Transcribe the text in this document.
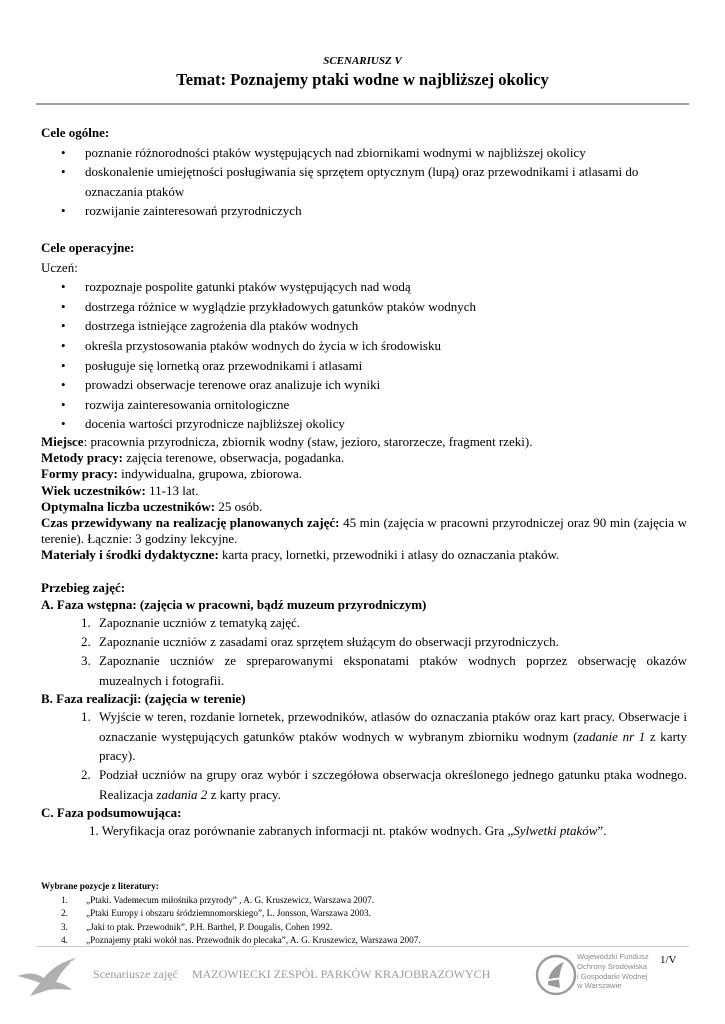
SCENARIUSZ V
Temat: Poznajemy ptaki wodne w najbliższej okolicy
Cele ogólne:
• poznanie różnorodności ptaków występujących nad zbiornikami wodnymi w najbliższej okolicy
• doskonalenie umiejętności posługiwania się sprzętem optycznym (lupą) oraz przewodnikami i atlasami do oznaczania ptaków
• rozwijanie zainteresowań przyrodniczych
Cele operacyjne:
Uczeń:
• rozpoznaje pospolite gatunki ptaków występujących nad wodą
• dostrzega różnice w wyglądzie przykładowych gatunków ptaków wodnych
• dostrzega istniejące zagrożenia dla ptaków wodnych
• określa przystosowania ptaków wodnych do życia w ich środowisku
• posługuje się lornetką oraz przewodnikami i atlasami
• prowadzi obserwacje terenowe oraz analizuje ich wyniki
• rozwija zainteresowania ornitologiczne
• docenia wartości przyrodnicze najbliższej okolicy

Miejsce: pracownia przyrodnicza, zbiornik wodny (staw, jezioro, starorzecze, fragment rzeki).

Metody pracy: zajęcia terenowe, obserwacja, pogadanka.

Formy pracy: indywidualna, grupowa, zbiorowa.

Wiek uczestników: 11-13 lat.

Optymalna liczba uczestników: 25 osób.

Czas przewidywany na realizację planowanych zajęć: 45 min (zajęcia w pracowni przyrodniczej oraz 90 min (zajęcia w terenie). Łącznie: 3 godziny lekcyjne.

Materiały i środki dydaktyczne: karta pracy, lornetki, przewodniki i atlasy do oznaczania ptaków.

Przebieg zajęć:
A. Faza wstępna: (zajęcia w pracowni, bądź muzeum przyrodniczym)
1. Zapoznanie uczniów z tematyką zajęć.
2. Zapoznanie uczniów z zasadami oraz sprzętem służącym do obserwacji przyrodniczych.
3. Zapoznanie uczniów ze spreparowanymi eksponatami ptaków wodnych poprzez obserwację okazów muzealnych i fotografii.
B. Faza realizacji: (zajęcia w terenie)
1. Wyjście w teren, rozdanie lornetek, przewodników, atlasów do oznaczania ptaków oraz kart pracy. Obserwacje i oznaczanie występujących gatunków ptaków wodnych w wybranym zbiorniku wodnym (zadanie nr 1 z karty pracy).
2. Podział uczniów na grupy oraz wybór i szczegółowa obserwacja określonego jednego gatunku ptaka wodnego. Realizacja zadania 2 z karty pracy.
C. Faza podsumowująca:
1. Weryfikacja oraz porównanie zabranych informacji nt. ptaków wodnych. Gra „Sylwetki ptaków”.
Wybrane pozycje z literatury:
1. „Ptaki. Vademecum miłośnika przyrody” , A. G. Kruszewicz, Warszawa 2007.
2. „Ptaki Europy i obszaru śródziemnomorskiego”, L. Jonsson, Warszawa 2003.
3. „Jaki to ptak. Przewodnik”, P.H. Barthel, P. Dougalis, Cohen 1992.
4. „Poznajemy ptaki wokół nas. Przewodnik do plecaka”, A. G. Kruszewicz, Warszawa 2007.
1/V
Scenariusze zajęć MAZOWIECKI ZESPÓŁ PARKÓW KRAJOBRAZOWYCH
Wojewódzki Fundusz
Ochrony Środowiska
i Gospodarki Wodnej
w Warszawie
